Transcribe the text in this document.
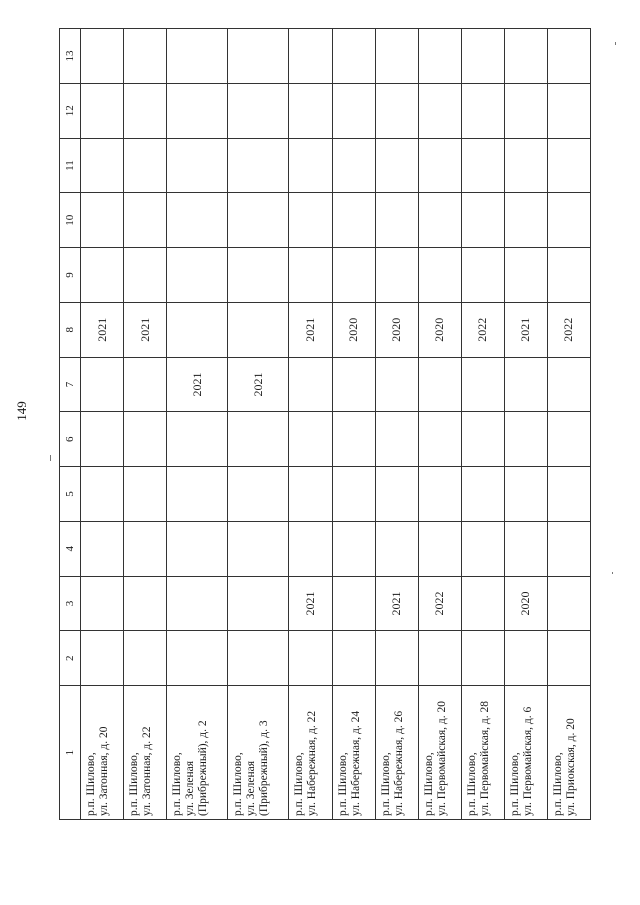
149
1	2	3	4	5	6	7	8	9	10	11	12	13

р.п. Шилово, ул. Затонная, д. 20							2021					

р.п. Шилово, ул. Затонная, д. 22							2021					

р.п. Шилово, ул. Зеленая (Прибрежный), д. 2						2021						

р.п. Шилово, ул. Зеленая (Прибрежный), д. 3						2021						

р.п. Шилово, ул. Набережная, д. 22		2021					2021					

р.п. Шилово, ул. Набережная, д. 24							2020					

р.п. Шилово, ул. Набережная, д. 26		2021					2020					

р.п. Шилово, ул. Первомайская, д. 20		2022					2020					

р.п. Шилово, ул. Первомайская, д. 28							2022					

р.п. Шилово, ул. Первомайская, д. 6		2020					2021					

р.п. Шилово, ул. Приокская, д. 20							2022					
